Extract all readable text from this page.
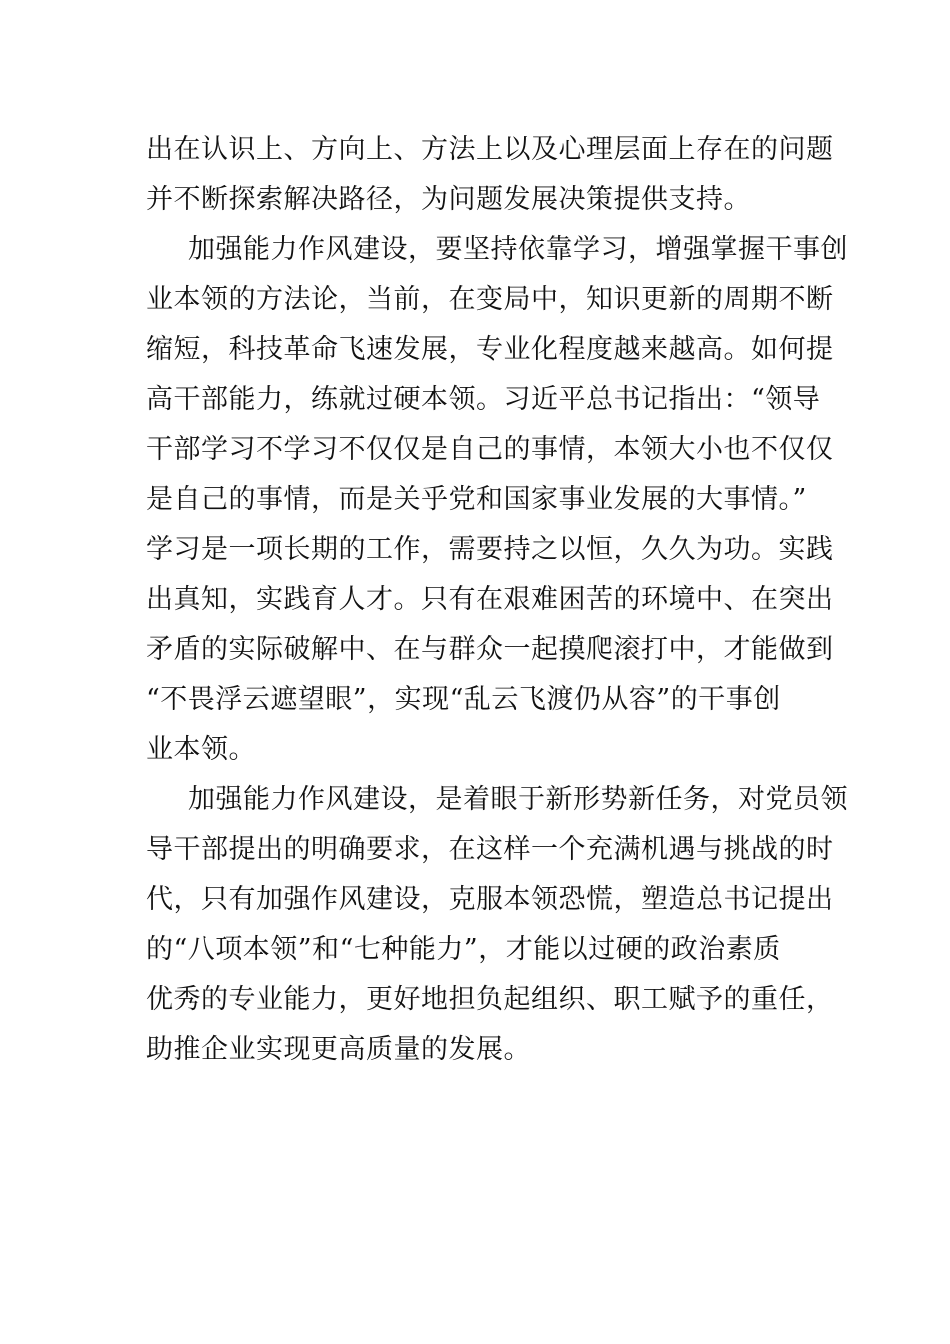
出在认识上、方向上、方法上以及心理层面上存在的问题
并不断探索解决路径，为问题发展决策提供支持。
加强能力作风建设，要坚持依靠学习，增强掌握干事创
业本领的方法论，当前，在变局中，知识更新的周期不断
缩短，科技革命飞速发展，专业化程度越来越高。如何提
高干部能力，练就过硬本领。习近平总书记指出：“领导
干部学习不学习不仅仅是自己的事情，本领大小也不仅仅
是自己的事情，而是关乎党和国家事业发展的大事情。”
学习是一项长期的工作，需要持之以恒，久久为功。实践
出真知，实践育人才。只有在艰难困苦的环境中、在突出
矛盾的实际破解中、在与群众一起摸爬滚打中，才能做到
“不畏浮云遮望眼”，实现“乱云飞渡仍从容”的干事创
业本领。
加强能力作风建设，是着眼于新形势新任务，对党员领
导干部提出的明确要求，在这样一个充满机遇与挑战的时
代，只有加强作风建设，克服本领恐慌，塑造总书记提出
的“八项本领”和“七种能力”，才能以过硬的政治素质
优秀的专业能力，更好地担负起组织、职工赋予的重任，
助推企业实现更高质量的发展。
